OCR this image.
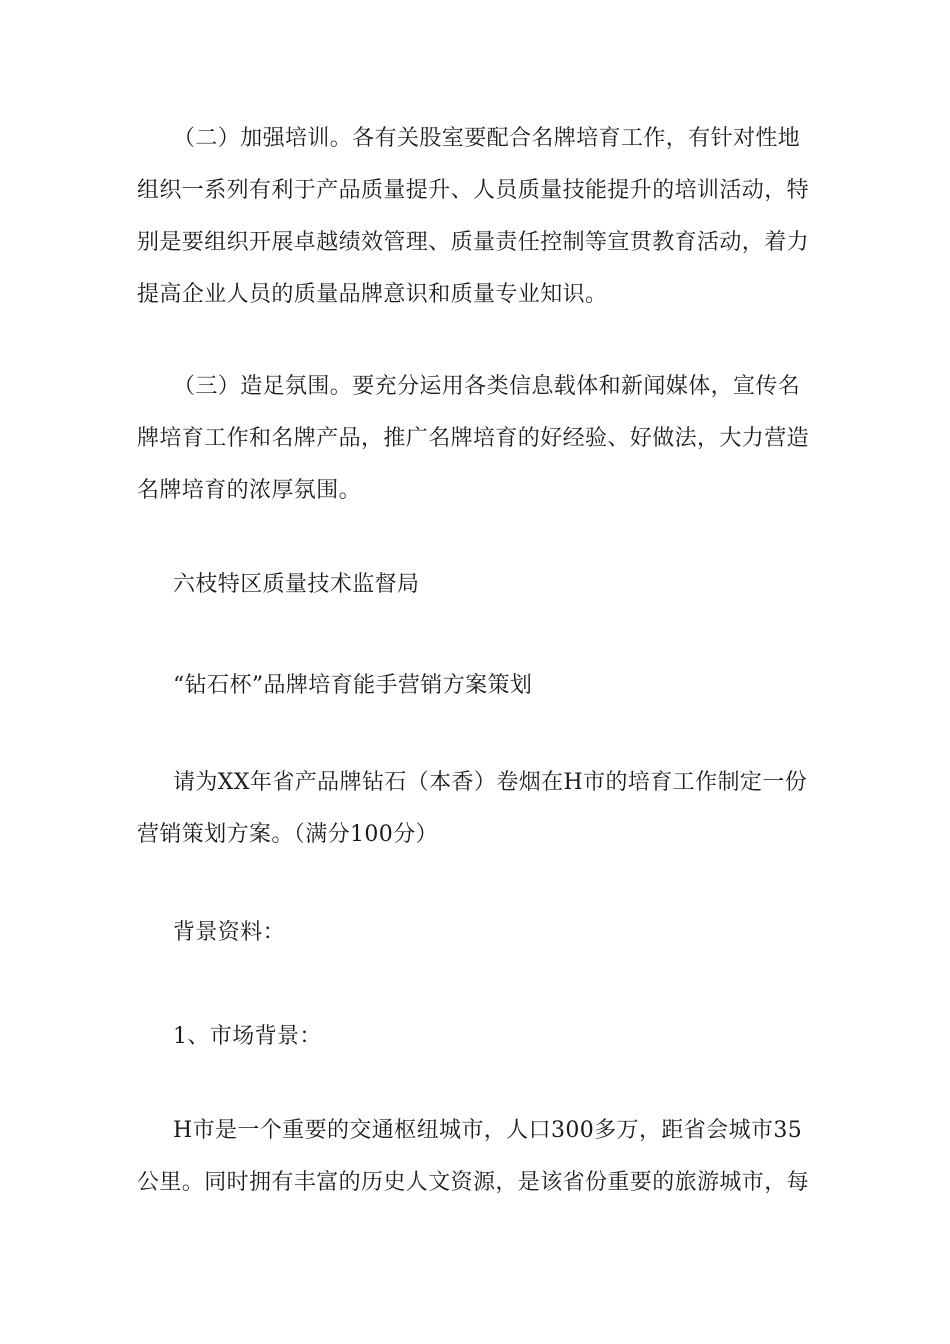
（二）加强培训。各有关股室要配合名牌培育工作，有针对性地
组织一系列有利于产品质量提升、人员质量技能提升的培训活动，特
别是要组织开展卓越绩效管理、质量责任控制等宣贯教育活动，着力
提高企业人员的质量品牌意识和质量专业知识。

（三）造足氛围。要充分运用各类信息载体和新闻媒体，宣传名
牌培育工作和名牌产品，推广名牌培育的好经验、好做法，大力营造
名牌培育的浓厚氛围。

六枝特区质量技术监督局

“钻石杯”品牌培育能手营销方案策划

请为XX年省产品牌钻石（本香）卷烟在H市的培育工作制定一份
营销策划方案。（满分100分）

背景资料：

1、市场背景：

H市是一个重要的交通枢纽城市，人口300多万，距省会城市35
公里。同时拥有丰富的历史人文资源，是该省份重要的旅游城市，每
